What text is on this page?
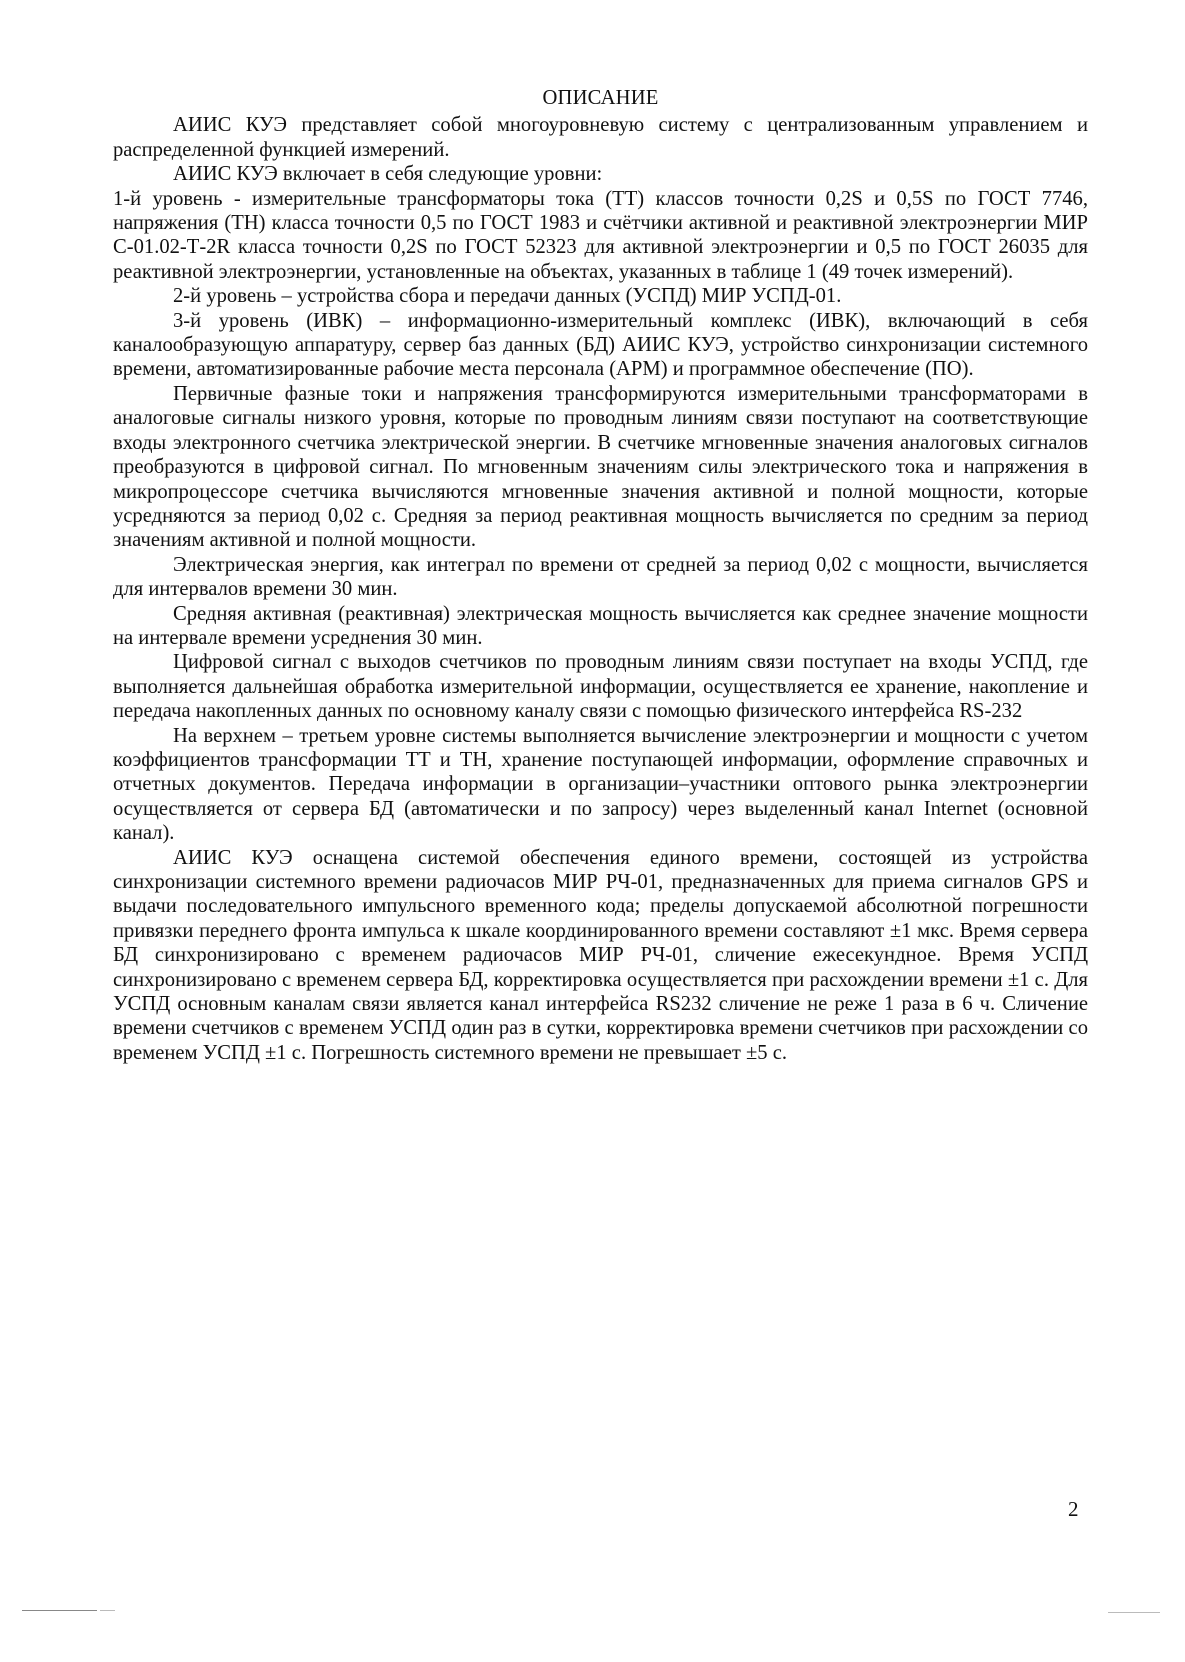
ОПИСАНИЕ

АИИС КУЭ представляет собой многоуровневую систему с централизованным управлением и распределенной функцией измерений.

АИИС КУЭ включает в себя следующие уровни:

1-й уровень - измерительные трансформаторы тока (ТТ) классов точности 0,2S и 0,5S по ГОСТ 7746, напряжения (ТН) класса точности 0,5 по ГОСТ 1983 и счётчики активной и реактивной электроэнергии МИР С-01.02-Т-2R класса точности 0,2S по ГОСТ 52323 для активной электроэнергии и 0,5 по ГОСТ 26035 для реактивной электроэнергии, установленные на объектах, указанных в таблице 1 (49 точек измерений).

2-й уровень – устройства сбора и передачи данных (УСПД) МИР УСПД-01.

3-й уровень (ИВК) – информационно-измерительный комплекс (ИВК), включающий в себя каналообразующую аппаратуру, сервер баз данных (БД) АИИС КУЭ, устройство синхронизации системного времени, автоматизированные рабочие места персонала (АРМ) и программное обеспечение (ПО).

Первичные фазные токи и напряжения трансформируются измерительными трансформаторами в аналоговые сигналы низкого уровня, которые по проводным линиям связи поступают на соответствующие входы электронного счетчика электрической энергии. В счетчике мгновенные значения аналоговых сигналов преобразуются в цифровой сигнал. По мгновенным значениям силы электрического тока и напряжения в микропроцессоре счетчика вычисляются мгновенные значения активной и полной мощности, которые усредняются за период 0,02 с. Средняя за период реактивная мощность вычисляется по средним за период значениям активной и полной мощности.

Электрическая энергия, как интеграл по времени от средней за период 0,02 с мощности, вычисляется для интервалов времени 30 мин.

Средняя активная (реактивная) электрическая мощность вычисляется как среднее значение мощности на интервале времени усреднения 30 мин.

Цифровой сигнал с выходов счетчиков по проводным линиям связи поступает на входы УСПД, где выполняется дальнейшая обработка измерительной информации, осуществляется ее хранение, накопление и передача накопленных данных по основному каналу связи с помощью физического интерфейса RS-232

На верхнем – третьем уровне системы выполняется вычисление электроэнергии и мощности с учетом коэффициентов трансформации ТТ и ТН, хранение поступающей информации, оформление справочных и отчетных документов. Передача информации в организации–участники оптового рынка электроэнергии осуществляется от сервера БД (автоматически и по запросу) через выделенный канал Internet (основной канал).

АИИС КУЭ оснащена системой обеспечения единого времени, состоящей из устройства синхронизации системного времени радиочасов МИР РЧ-01, предназначенных для приема сигналов GPS и выдачи последовательного импульсного временного кода; пределы допускаемой абсолютной погрешности привязки переднего фронта импульса к шкале координированного времени составляют ±1 мкс. Время сервера БД синхронизировано с временем радиочасов МИР РЧ-01, сличение ежесекундное. Время УСПД синхронизировано с временем сервера БД, корректировка осуществляется при расхождении времени ±1 с. Для УСПД основным каналам связи является канал интерфейса RS232 сличение не реже 1 раза в 6 ч. Сличение времени счетчиков с временем УСПД один раз в сутки, корректировка времени счетчиков при расхождении со временем УСПД ±1 с. Погрешность системного времени не превышает ±5 с.

2
